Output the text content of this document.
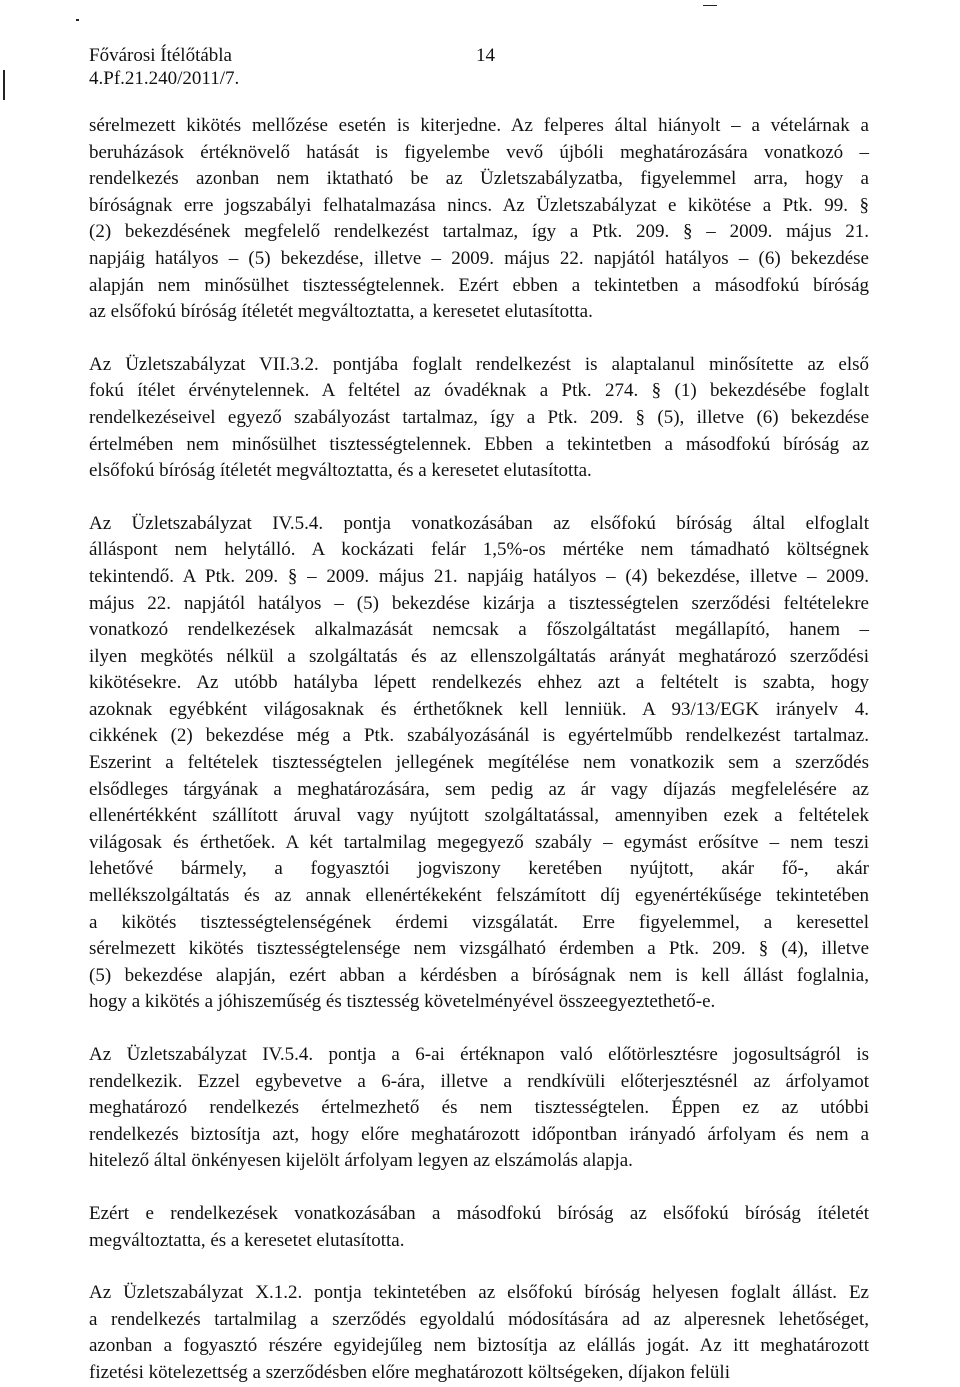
Fővárosi Ítélőtábla
4.Pf.21.240/2011/7.
14
sérelmezett kikötés mellőzése esetén is kiterjedne. Az felperes által hiányolt – a vételárnak a
beruházások értéknövelő hatását is figyelembe vevő újbóli meghatározására vonatkozó –
rendelkezés azonban nem iktatható be az Üzletszabályzatba, figyelemmel arra, hogy a
bíróságnak erre jogszabályi felhatalmazása nincs. Az Üzletszabályzat e kikötése a Ptk. 99. §
(2) bekezdésének megfelelő rendelkezést tartalmaz, így a Ptk. 209. § – 2009. május 21.
napjáig hatályos – (5) bekezdése, illetve – 2009. május 22. napjától hatályos – (6) bekezdése
alapján nem minősülhet tisztességtelennek. Ezért ebben a tekintetben a másodfokú bíróság
az elsőfokú bíróság ítéletét megváltoztatta, a keresetet elutasította.
Az Üzletszabályzat VII.3.2. pontjába foglalt rendelkezést is alaptalanul minősítette az első
fokú ítélet érvénytelennek. A feltétel az óvadéknak a Ptk. 274. § (1) bekezdésébe foglalt
rendelkezéseivel egyező szabályozást tartalmaz, így a Ptk. 209. § (5), illetve (6) bekezdése
értelmében nem minősülhet tisztességtelennek. Ebben a tekintetben a másodfokú bíróság az
elsőfokú bíróság ítéletét megváltoztatta, és a keresetet elutasította.
Az Üzletszabályzat IV.5.4. pontja vonatkozásában az elsőfokú bíróság által elfoglalt
álláspont nem helytálló. A kockázati felár 1,5%-os mértéke nem támadható költségnek
tekintendő. A Ptk. 209. § – 2009. május 21. napjáig hatályos – (4) bekezdése, illetve – 2009.
május 22. napjától hatályos – (5) bekezdése kizárja a tisztességtelen szerződési feltételekre
vonatkozó rendelkezések alkalmazását nemcsak a főszolgáltatást megállapító, hanem –
ilyen megkötés nélkül a szolgáltatás és az ellenszolgáltatás arányát meghatározó szerződési
kikötésekre. Az utóbb hatályba lépett rendelkezés ehhez azt a feltételt is szabta, hogy
azoknak egyébként világosaknak és érthetőknek kell lenniük. A 93/13/EGK irányelv 4.
cikkének (2) bekezdése még a Ptk. szabályozásánál is egyértelműbb rendelkezést tartalmaz.
Eszerint a feltételek tisztességtelen jellegének megítélése nem vonatkozik sem a szerződés
elsődleges tárgyának a meghatározására, sem pedig az ár vagy díjazás megfelelésére az
ellenértékként szállított áruval vagy nyújtott szolgáltatással, amennyiben ezek a feltételek
világosak és érthetőek. A két tartalmilag megegyező szabály – egymást erősítve – nem teszi
lehetővé bármely, a fogyasztói jogviszony keretében nyújtott, akár fő-, akár
mellékszolgáltatás és az annak ellenértékeként felszámított díj egyenértékűsége tekintetében
a kikötés tisztességtelenségének érdemi vizsgálatát. Erre figyelemmel, a keresettel
sérelmezett kikötés tisztességtelensége nem vizsgálható érdemben a Ptk. 209. § (4), illetve
(5) bekezdése alapján, ezért abban a kérdésben a bíróságnak nem is kell állást foglalnia,
hogy a kikötés a jóhiszeműség és tisztesség követelményével összeegyeztethető-e.
Az Üzletszabályzat IV.5.4. pontja a 6-ai értéknapon való előtörlesztésre jogosultságról is
rendelkezik. Ezzel egybevetve a 6-ára, illetve a rendkívüli előterjesztésnél az árfolyamot
meghatározó rendelkezés értelmezhető és nem tisztességtelen. Éppen ez az utóbbi
rendelkezés biztosítja azt, hogy előre meghatározott időpontban irányadó árfolyam és nem a
hitelező által önkényesen kijelölt árfolyam legyen az elszámolás alapja.
Ezért e rendelkezések vonatkozásában a másodfokú bíróság az elsőfokú bíróság ítéletét
megváltoztatta, és a keresetet elutasította.
Az Üzletszabályzat X.1.2. pontja tekintetében az elsőfokú bíróság helyesen foglalt állást. Ez
a rendelkezés tartalmilag a szerződés egyoldalú módosítására ad az alperesnek lehetőséget,
azonban a fogyasztó részére egyidejűleg nem biztosítja az elállás jogát. Az itt meghatározott
fizetési kötelezettség a szerződésben előre meghatározott költségeken, díjakon felüli
